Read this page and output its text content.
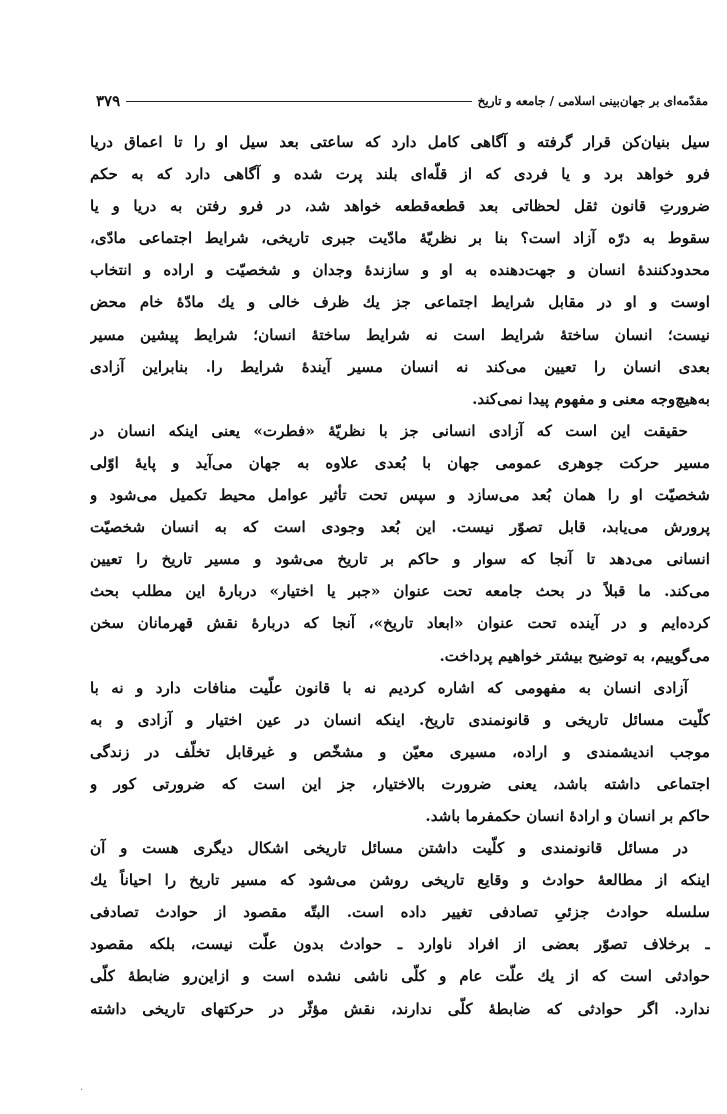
مقدّمه‌ای بر جهان‌بینی اسلامی / جامعه و تاریخ
۳۷۹
سیل بنیان‌کن قرار گرفته و آگاهی کامل دارد که ساعتی بعد سیل او را تا اعماق دریا
فرو خواهد برد و یا فردی که از قلّه‌ای بلند پرت شده و آگاهی دارد که به حکم
ضرورتِ قانون ثقل لحظاتی بعد قطعه‌قطعه خواهد شد، در فرو رفتن به دریا و یا
سقوط به درّه آزاد است؟ بنا بر نظریّهٔ مادّیت جبری تاریخی، شرایط اجتماعی مادّی،
محدودکنندهٔ انسان و جهت‌دهنده به او و سازندهٔ وجدان و شخصیّت و اراده و انتخاب
اوست و او در مقابل شرایط اجتماعی جز یك ظرف خالی و یك مادّهٔ خام محض
نیست؛ انسان ساختهٔ شرایط است نه شرایط ساختهٔ انسان؛ شرایط پیشین مسیر
بعدی انسان را تعیین می‌کند نه انسان مسیر آیندهٔ شرایط را. بنابراین آزادی
به‌هیچ‌وجه معنی و مفهوم پیدا نمی‌کند.
حقیقت این است که آزادی انسانی جز با نظریّهٔ «فطرت» یعنی اینکه انسان در
مسیر حرکت جوهری عمومی جهان با بُعدی علاوه به جهان می‌آید و پایهٔ اوّلی
شخصیّت او را همان بُعد می‌سازد و سپس تحت تأثیر عوامل محیط تکمیل می‌شود و
پرورش می‌یابد، قابل تصوّر نیست. این بُعد وجودی است که به انسان شخصیّت
انسانی می‌دهد تا آنجا که سوار و حاکم بر تاریخ می‌شود و مسیر تاریخ را تعیین
می‌کند. ما قبلاً در بحث جامعه تحت عنوان «جبر یا اختیار» دربارهٔ این مطلب بحث
کرده‌ایم و در آینده تحت عنوان «ابعاد تاریخ»، آنجا که دربارهٔ نقش قهرمانان سخن
می‌گوییم، به توضیح بیشتر خواهیم پرداخت.
آزادی انسان به مفهومی که اشاره کردیم نه با قانون علّیت منافات دارد و نه با
کلّیت مسائل تاریخی و قانونمندی تاریخ. اینکه انسان در عین اختیار و آزادی و به
موجب اندیشمندی و اراده، مسیری معیّن و مشخّص و غیرقابل تخلّف در زندگی
اجتماعی داشته باشد، یعنی ضرورت بالاختیار، جز این است که ضرورتی کور و
حاکم بر انسان و ارادهٔ انسان حکمفرما باشد.
در مسائل قانونمندی و کلّیت داشتن مسائل تاریخی اشکال دیگری هست و آن
اینکه از مطالعهٔ حوادث و وقایع تاریخی روشن می‌شود که مسیر تاریخ را احیاناً یك
سلسله حوادث جزئیِ تصادفی تغییر داده است. البتّه مقصود از حوادث تصادفی
ـ برخلاف تصوّر بعضی از افراد ناوارد ـ حوادث بدون علّت نیست، بلکه مقصود
حوادثی است که از یك علّت عام و کلّی ناشی نشده است و ازاین‌رو ضابطهٔ کلّی
ندارد. اگر حوادثی که ضابطهٔ کلّی ندارند، نقش مؤثّر در حرکتهای تاریخی داشته
·
